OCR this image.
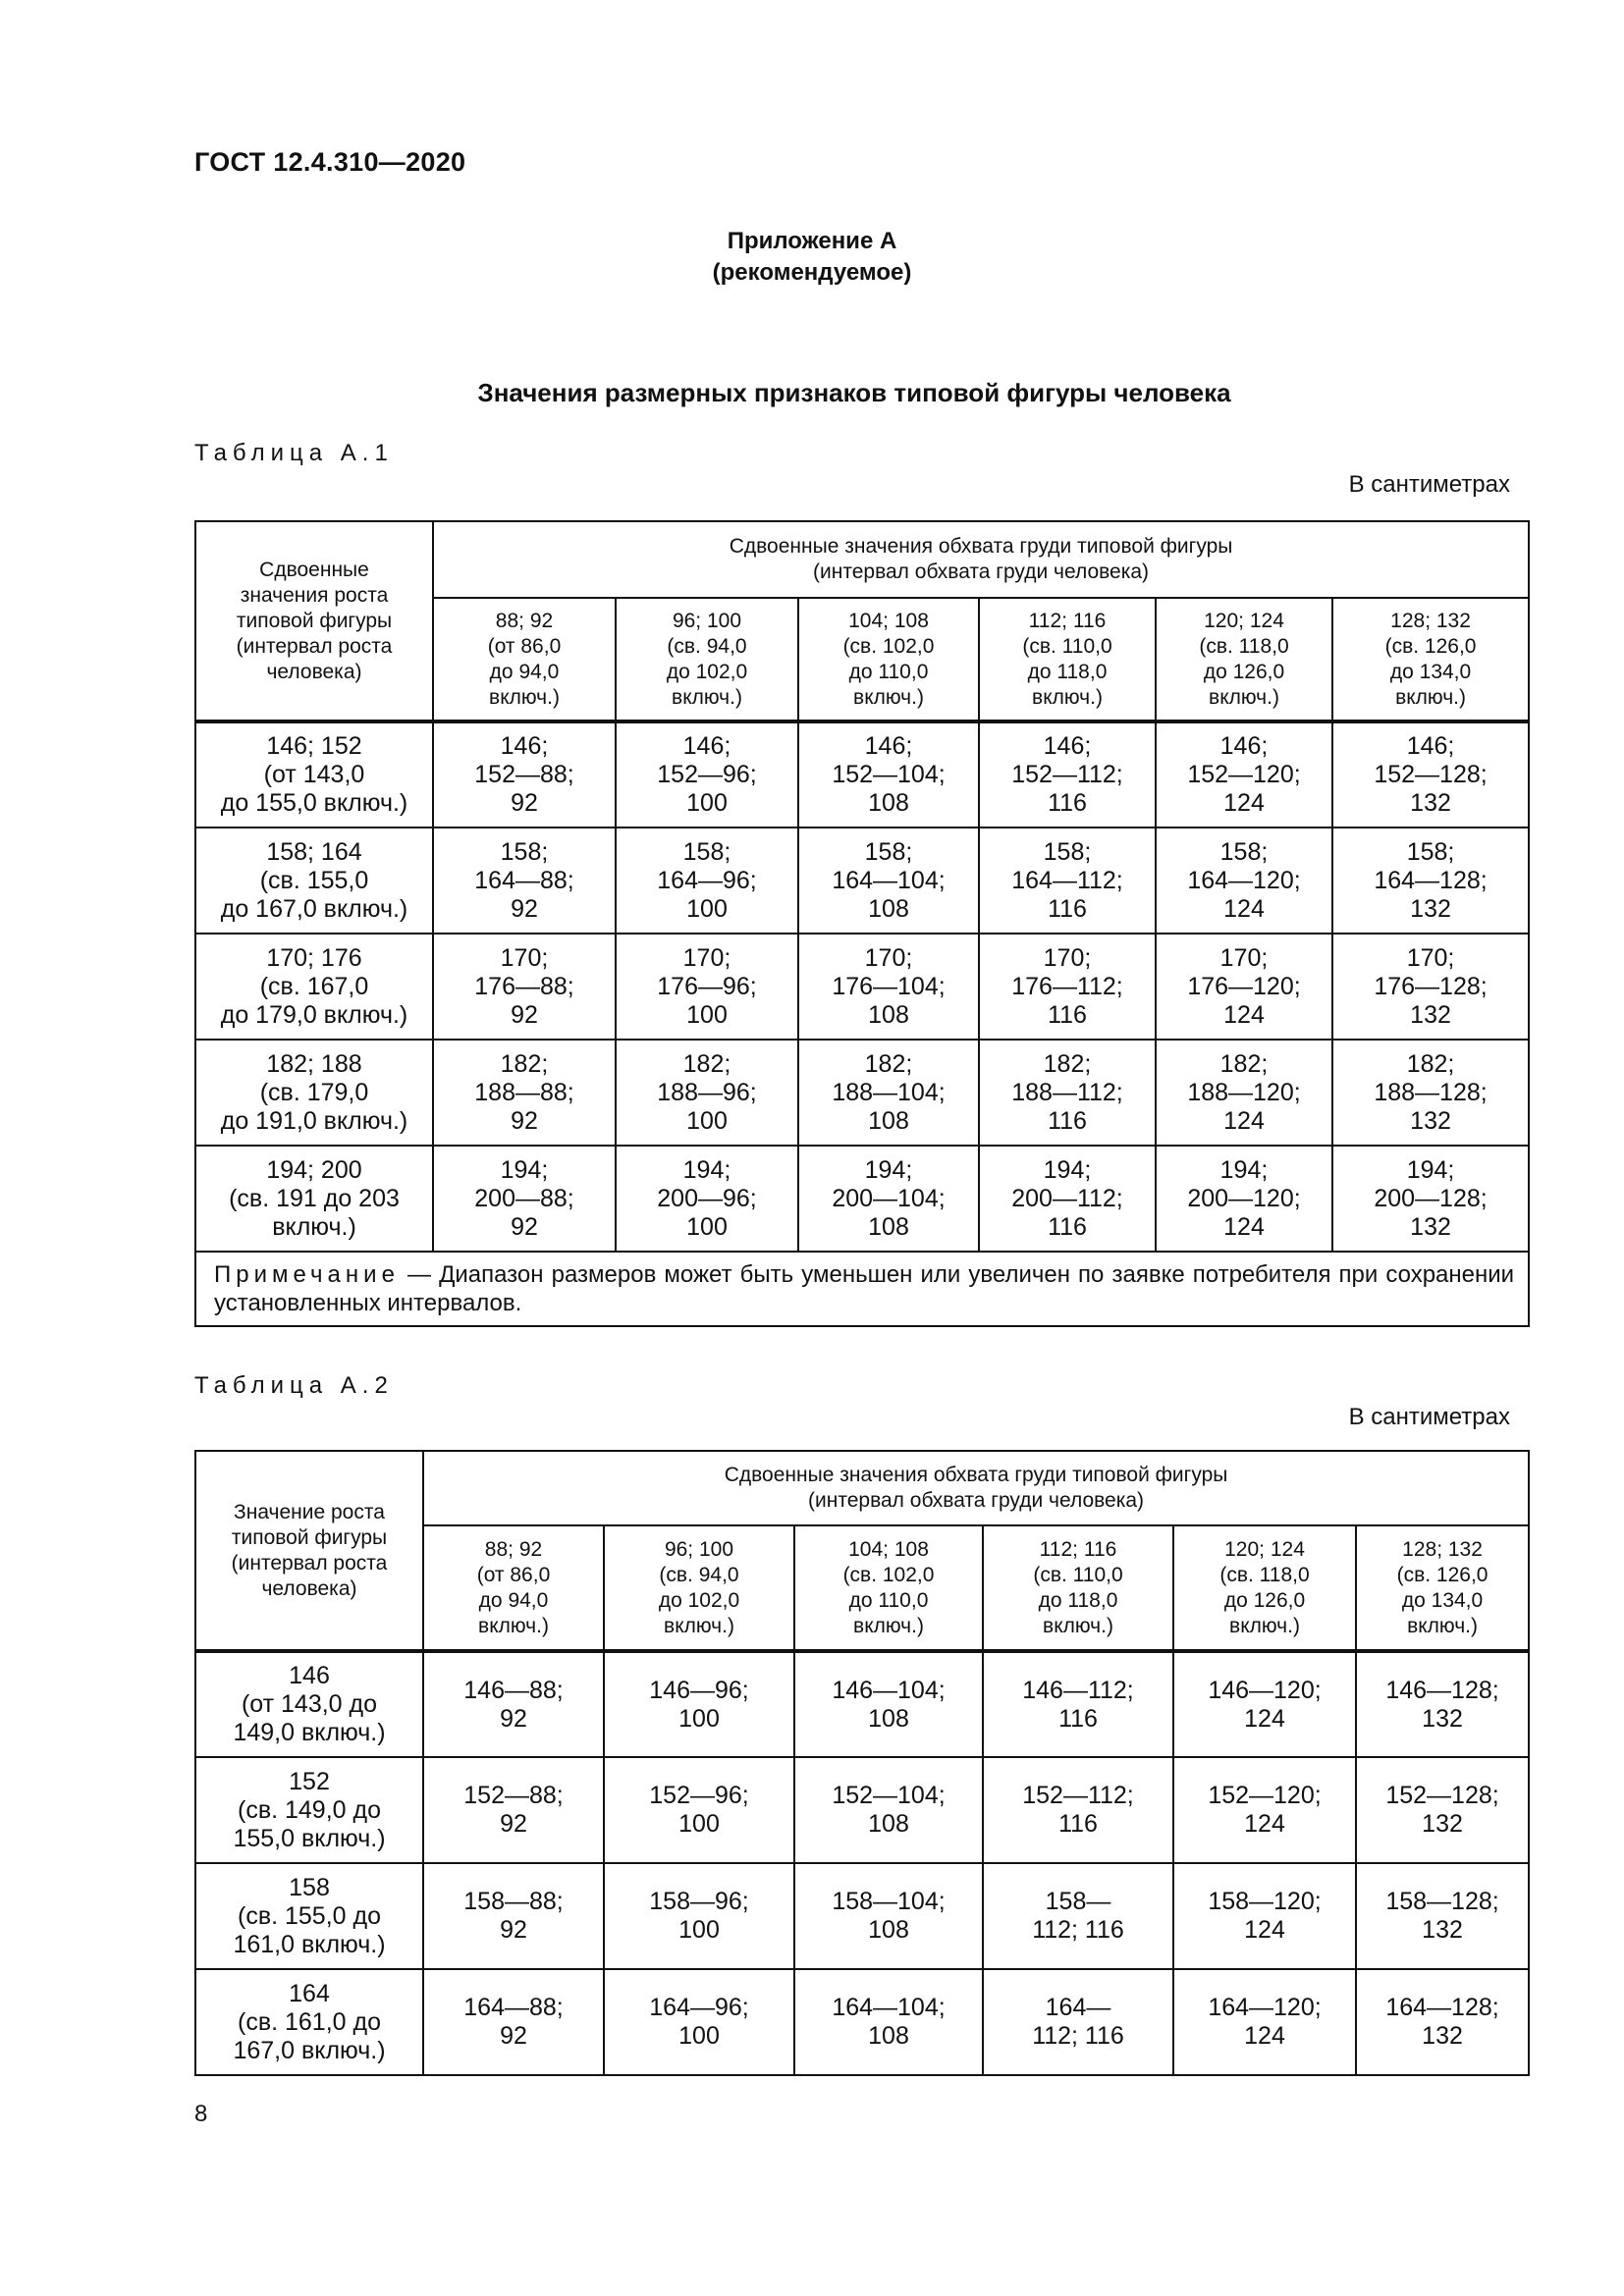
ГОСТ 12.4.310—2020
Приложение А
(рекомендуемое)
Значения размерных признаков типовой фигуры человека
Таблица А.1
В сантиметрах
Сдвоенные
значения роста
типовой фигуры
(интервал роста
человека)	Сдвоенные значения обхвата груди типовой фигуры
(интервал обхвата груди человека)					
	88; 92
(от 86,0
до 94,0
включ.)	96; 100
(св. 94,0
до 102,0
включ.)	104; 108
(св. 102,0
до 110,0
включ.)	112; 116
(св. 110,0
до 118,0
включ.)	120; 124
(св. 118,0
до 126,0
включ.)	128; 132
(св. 126,0
до 134,0
включ.)
146; 152
(от 143,0
до 155,0 включ.)	146;
152—88;
92	146;
152—96;
100	146;
152—104;
108	146;
152—112;
116	146;
152—120;
124	146;
152—128;
132
158; 164
(св. 155,0
до 167,0 включ.)	158;
164—88;
92	158;
164—96;
100	158;
164—104;
108	158;
164—112;
116	158;
164—120;
124	158;
164—128;
132
170; 176
(св. 167,0
до 179,0 включ.)	170;
176—88;
92	170;
176—96;
100	170;
176—104;
108	170;
176—112;
116	170;
176—120;
124	170;
176—128;
132
182; 188
(св. 179,0
до 191,0 включ.)	182;
188—88;
92	182;
188—96;
100	182;
188—104;
108	182;
188—112;
116	182;
188—120;
124	182;
188—128;
132
194; 200
(св. 191 до 203
включ.)	194;
200—88;
92	194;
200—96;
100	194;
200—104;
108	194;
200—112;
116	194;
200—120;
124	194;
200—128;
132
Примечание — Диапазон размеров может быть уменьшен или увеличен по заявке потребителя при сохранении установленных интервалов.						
Таблица А.2
В сантиметрах
Значение роста
типовой фигуры
(интервал роста
человека)	Сдвоенные значения обхвата груди типовой фигуры
(интервал обхвата груди человека)					
	88; 92
(от 86,0
до 94,0
включ.)	96; 100
(св. 94,0
до 102,0
включ.)	104; 108
(св. 102,0
до 110,0
включ.)	112; 116
(св. 110,0
до 118,0
включ.)	120; 124
(св. 118,0
до 126,0
включ.)	128; 132
(св. 126,0
до 134,0
включ.)
146
(от 143,0 до
149,0 включ.)	146—88;
92	146—96;
100	146—104;
108	146—112;
116	146—120;
124	146—128;
132
152
(св. 149,0 до
155,0 включ.)	152—88;
92	152—96;
100	152—104;
108	152—112;
116	152—120;
124	152—128;
132
158
(св. 155,0 до
161,0 включ.)	158—88;
92	158—96;
100	158—104;
108	158—
112; 116	158—120;
124	158—128;
132
164
(св. 161,0 до
167,0 включ.)	164—88;
92	164—96;
100	164—104;
108	164—
112; 116	164—120;
124	164—128;
132
8
